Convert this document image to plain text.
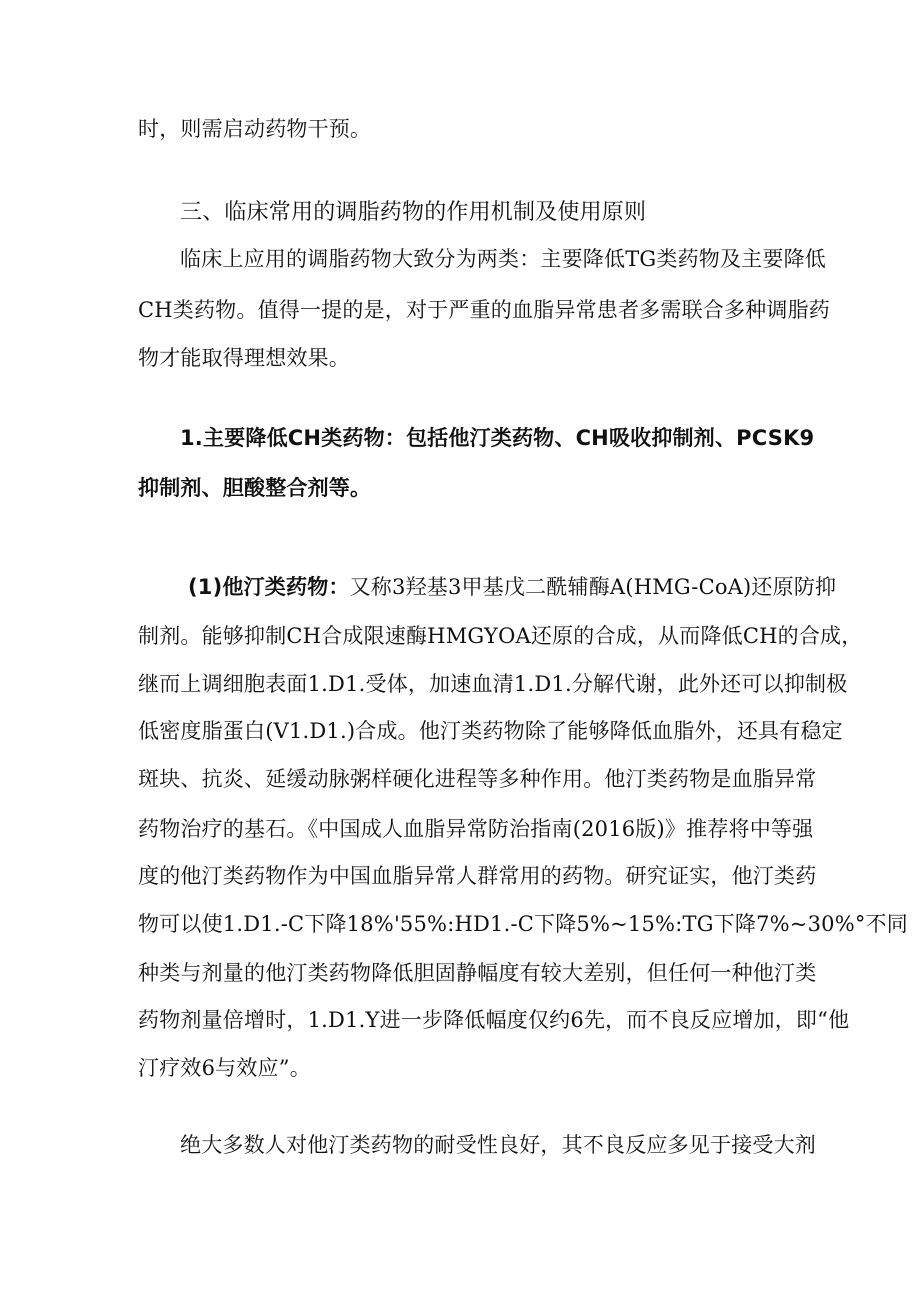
时，则需启动药物干预。
三、临床常用的调脂药物的作用机制及使用原则
临床上应用的调脂药物大致分为两类：主要降低TG类药物及主要降低
CH类药物。值得一提的是，对于严重的血脂异常患者多需联合多种调脂药
物才能取得理想效果。
1.主要降低CH类药物：包括他汀类药物、CH吸收抑制剂、PCSK9
抑制剂、胆酸整合剂等。
(1)他汀类药物：又称3羟基3甲基戊二酰辅酶A(HMG-CoA)还原防抑
制剂。能够抑制CH合成限速酶HMGYOA还原的合成，从而降低CH的合成，
继而上调细胞表面1.D1.受体，加速血清1.D1.分解代谢，此外还可以抑制极
低密度脂蛋白(V1.D1.)合成。他汀类药物除了能够降低血脂外，还具有稳定
斑块、抗炎、延缓动脉粥样硬化进程等多种作用。他汀类药物是血脂异常
药物治疗的基石。《中国成人血脂异常防治指南(2016版)》推荐将中等强
度的他汀类药物作为中国血脂异常人群常用的药物。研究证实，他汀类药
物可以使1.D1.-C下降18%'55%:HD1.-C下降5%~15%:TG下降7%~30%°不同
种类与剂量的他汀类药物降低胆固静幅度有较大差别，但任何一种他汀类
药物剂量倍增时，1.D1.Y进一步降低幅度仅约6先，而不良反应增加，即“他
汀疗效6与效应”。
绝大多数人对他汀类药物的耐受性良好，其不良反应多见于接受大剂
